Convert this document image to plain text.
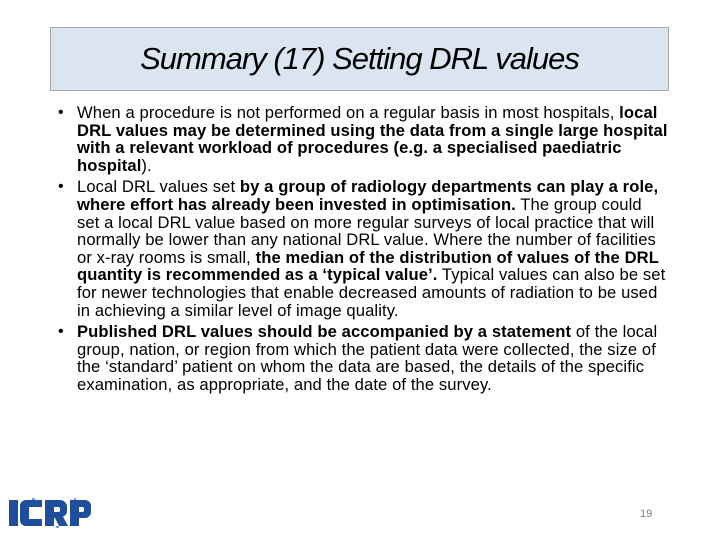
Summary (17) Setting DRL values
• When a procedure is not performed on a regular basis in most hospitals, local DRL values may be determined using the data from a single large hospital with a relevant workload of procedures (e.g. a specialised paediatric hospital).
• Local DRL values set by a group of radiology departments can play a role, where effort has already been invested in optimisation. The group could set a local DRL value based on more regular surveys of local practice that will normally be lower than any national DRL value. Where the number of facilities or x-ray rooms is small, the median of the distribution of values of the DRL quantity is recommended as a ‘typical value’. Typical values can also be set for newer technologies that enable decreased amounts of radiation to be used in achieving a similar level of image quality.
• Published DRL values should be accompanied by a statement of the local group, nation, or region from which the patient data were collected, the size of the ‘standard’ patient on whom the data are based, the details of the specific examination, as appropriate, and the date of the survey.
19
